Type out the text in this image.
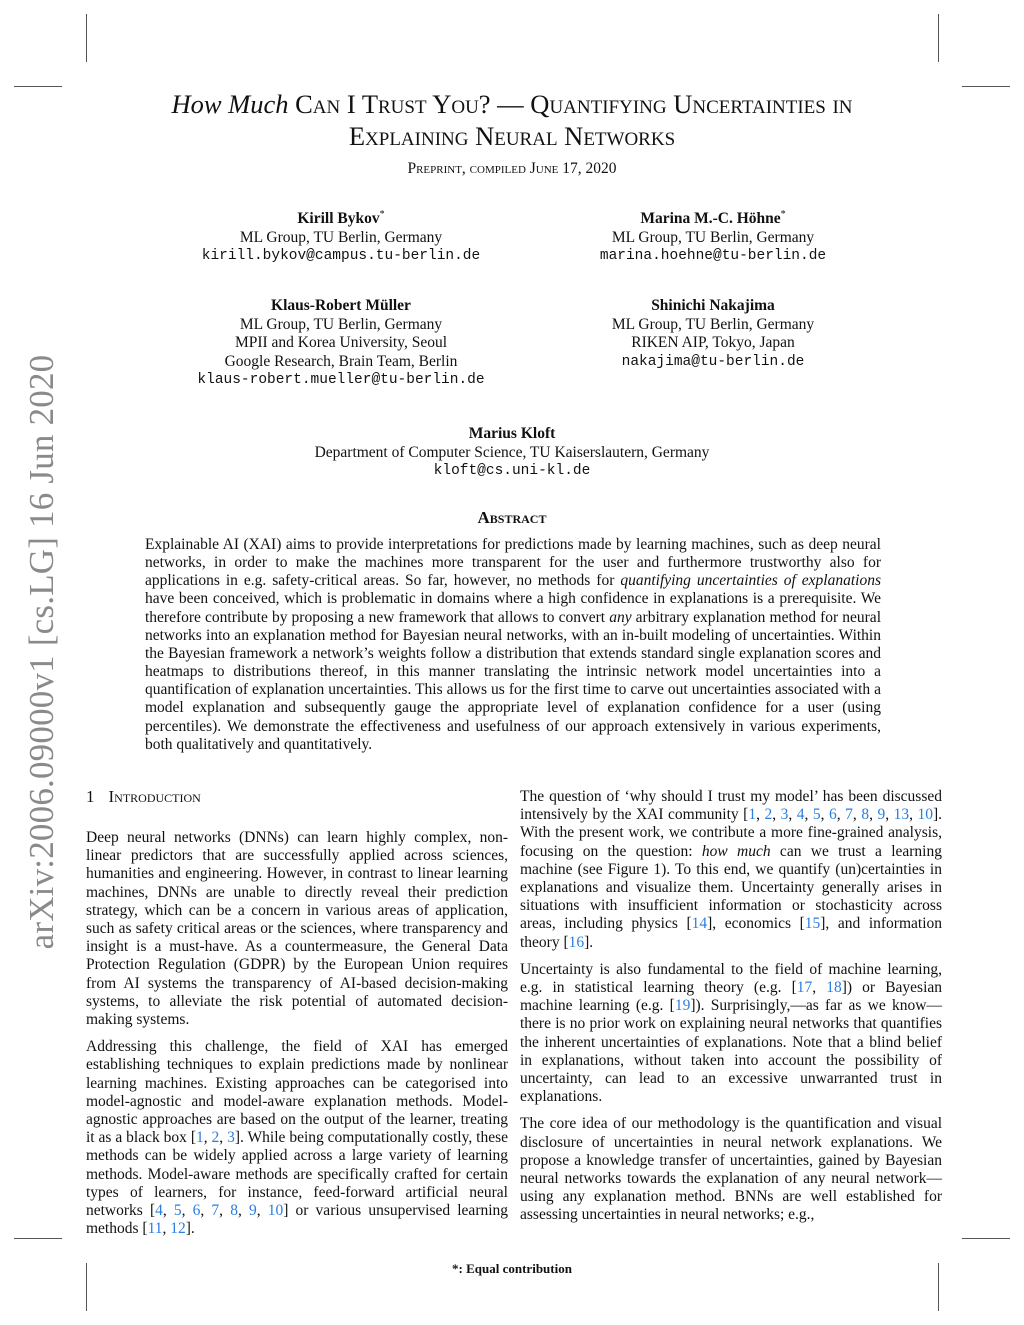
arXiv:2006.09000v1 [cs.LG] 16 Jun 2020
How Much Can I Trust You? — Quantifying Uncertainties in
Explaining Neural Networks
Preprint, compiled June 17, 2020
Kirill Bykov*
ML Group, TU Berlin, Germany
kirill.bykov@campus.tu-berlin.de
Marina M.-C. Höhne*
ML Group, TU Berlin, Germany
marina.hoehne@tu-berlin.de
Klaus-Robert Müller
ML Group, TU Berlin, Germany
MPII and Korea University, Seoul
Google Research, Brain Team, Berlin
klaus-robert.mueller@tu-berlin.de
Shinichi Nakajima
ML Group, TU Berlin, Germany
RIKEN AIP, Tokyo, Japan
nakajima@tu-berlin.de
Marius Kloft
Department of Computer Science, TU Kaiserslautern, Germany
kloft@cs.uni-kl.de
Abstract

Explainable AI (XAI) aims to provide interpretations for predictions made by learning machines, such as deep neural networks, in order to make the machines more transparent for the user and furthermore trustworthy also for applications in e.g. safety-critical areas. So far, however, no methods for quantifying uncertainties of explanations have been conceived, which is problematic in domains where a high confidence in explanations is a prerequisite. We therefore contribute by proposing a new framework that allows to convert any arbitrary explanation method for neural networks into an explanation method for Bayesian neural networks, with an in-built modeling of uncertainties. Within the Bayesian framework a network’s weights follow a distribution that extends standard single explanation scores and heatmaps to distributions thereof, in this manner translating the intrinsic network model uncertainties into a quantification of explanation uncertainties. This allows us for the first time to carve out uncertainties associated with a model explanation and subsequently gauge the appropriate level of explanation confidence for a user (using percentiles). We demonstrate the effectiveness and usefulness of our approach extensively in various experiments, both qualitatively and quantitatively.

1 Introduction

Deep neural networks (DNNs) can learn highly complex, non-linear predictors that are successfully applied across sciences, humanities and engineering. However, in contrast to linear learning machines, DNNs are unable to directly reveal their prediction strategy, which can be a concern in various areas of application, such as safety critical areas or the sciences, where transparency and insight is a must-have. As a countermeasure, the General Data Protection Regulation (GDPR) by the European Union requires from AI systems the transparency of AI-based decision-making systems, to alleviate the risk potential of automated decision-making systems.

Addressing this challenge, the field of XAI has emerged establishing techniques to explain predictions made by nonlinear learning machines. Existing approaches can be categorised into model-agnostic and model-aware explanation methods. Model-agnostic approaches are based on the output of the learner, treating it as a black box [1, 2, 3]. While being computationally costly, these methods can be widely applied across a large variety of learning methods. Model-aware methods are specifically crafted for certain types of learners, for instance, feed-forward artificial neural networks [4, 5, 6, 7, 8, 9, 10] or various unsupervised learning methods [11, 12].

The question of ‘why should I trust my model’ has been discussed intensively by the XAI community [1, 2, 3, 4, 5, 6, 7, 8, 9, 13, 10]. With the present work, we contribute a more fine-grained analysis, focusing on the question: how much can we trust a learning machine (see Figure 1). To this end, we quantify (un)certainties in explanations and visualize them. Uncertainty generally arises in situations with insufficient information or stochasticity across areas, including physics [14], economics [15], and information theory [16].

Uncertainty is also fundamental to the field of machine learning, e.g. in statistical learning theory (e.g. [17, 18]) or Bayesian machine learning (e.g. [19]). Surprisingly,—as far as we know—there is no prior work on explaining neural networks that quantifies the inherent uncertainties of explanations. Note that a blind belief in explanations, without taken into account the possibility of uncertainty, can lead to an excessive unwarranted trust in explanations.

The core idea of our methodology is the quantification and visual disclosure of uncertainties in neural network explanations. We propose a knowledge transfer of uncertainties, gained by Bayesian neural networks towards the explanation of any neural network—using any explanation method. BNNs are well established for assessing uncertainties in neural networks; e.g.,

*: Equal contribution
